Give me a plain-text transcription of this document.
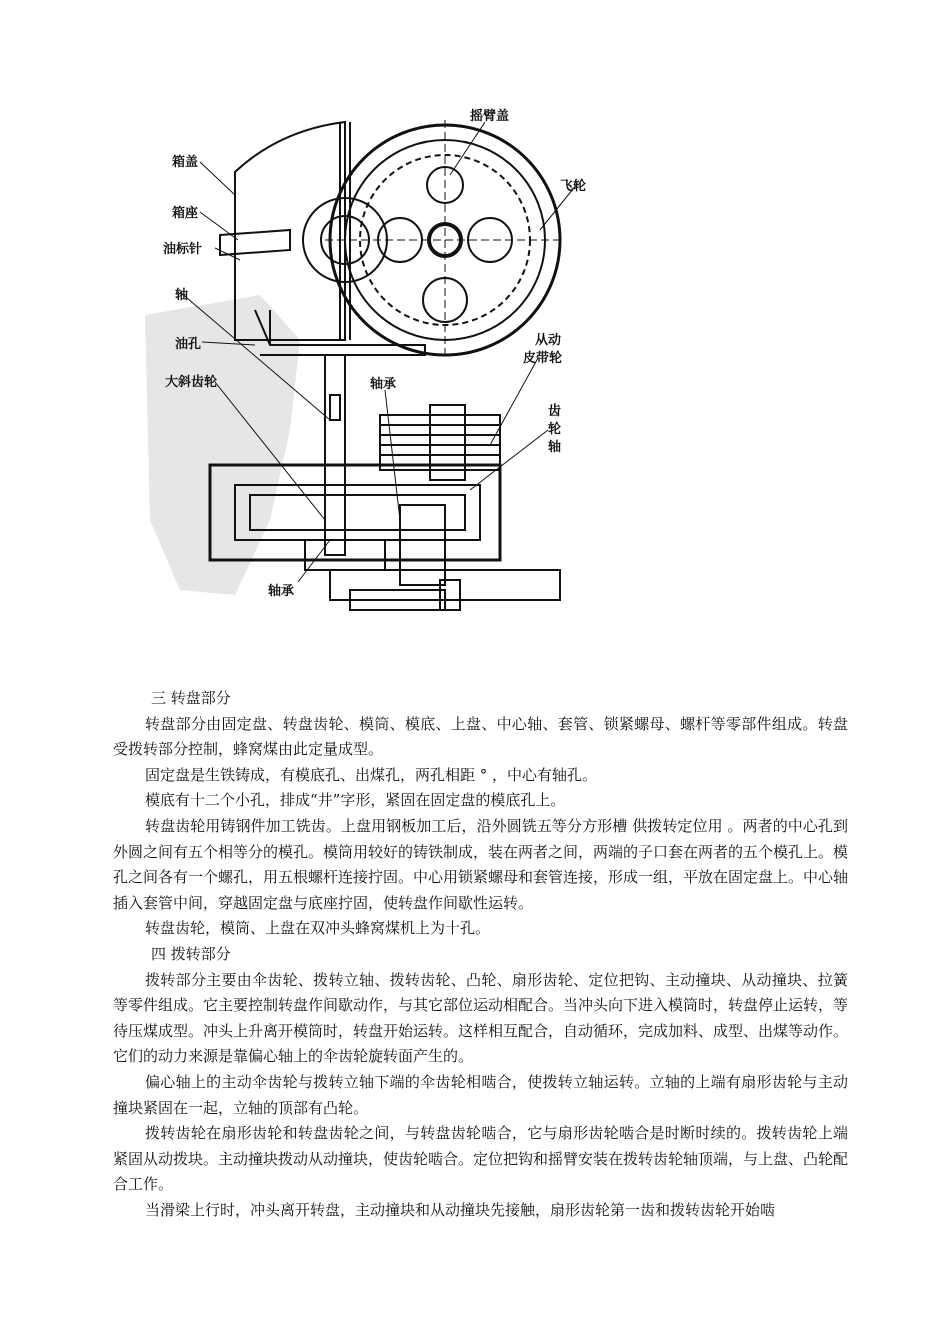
摇臂盖
箱盖
箱座
油标针
轴
油孔
大斜齿轮	轴承
轴承
飞轮
从动
皮带轮
齿
轮
轴

三 转盘部分

转盘部分由固定盘、转盘齿轮、模筒、模底、上盘、中心轴、套管、锁紧螺母、螺杆等零部件组成。转盘受拨转部分控制，蜂窝煤由此定量成型。

固定盘是生铁铸成，有模底孔、出煤孔，两孔相距 ° ，中心有轴孔。

模底有十二个小孔，排成“井”字形，紧固在固定盘的模底孔上。

转盘齿轮用铸钢件加工铣齿。上盘用钢板加工后，沿外圆铣五等分方形槽 供拨转定位用 。两者的中心孔到外圆之间有五个相等分的模孔。模筒用较好的铸铁制成，装在两者之间，两端的子口套在两者的五个模孔上。模孔之间各有一个螺孔，用五根螺杆连接拧固。中心用锁紧螺母和套管连接，形成一组，平放在固定盘上。中心轴插入套管中间，穿越固定盘与底座拧固，使转盘作间歇性运转。

转盘齿轮，模筒、上盘在双冲头蜂窝煤机上为十孔。

四 拨转部分

拨转部分主要由伞齿轮、拨转立轴、拨转齿轮、凸轮、扇形齿轮、定位把钩、主动撞块、从动撞块、拉簧等零件组成。它主要控制转盘作间歇动作，与其它部位运动相配合。当冲头向下进入模筒时，转盘停止运转，等待压煤成型。冲头上升离开模筒时，转盘开始运转。这样相互配合，自动循环，完成加料、成型、出煤等动作。它们的动力来源是靠偏心轴上的伞齿轮旋转面产生的。

偏心轴上的主动伞齿轮与拨转立轴下端的伞齿轮相啮合，使拨转立轴运转。立轴的上端有扇形齿轮与主动撞块紧固在一起，立轴的顶部有凸轮。

拨转齿轮在扇形齿轮和转盘齿轮之间，与转盘齿轮啮合，它与扇形齿轮啮合是时断时续的。拨转齿轮上端紧固从动拨块。主动撞块拨动从动撞块，使齿轮啮合。定位把钩和摇臂安装在拨转齿轮轴顶端，与上盘、凸轮配合工作。

当滑梁上行时，冲头离开转盘，主动撞块和从动撞块先接触，扇形齿轮第一齿和拨转齿轮开始啮
